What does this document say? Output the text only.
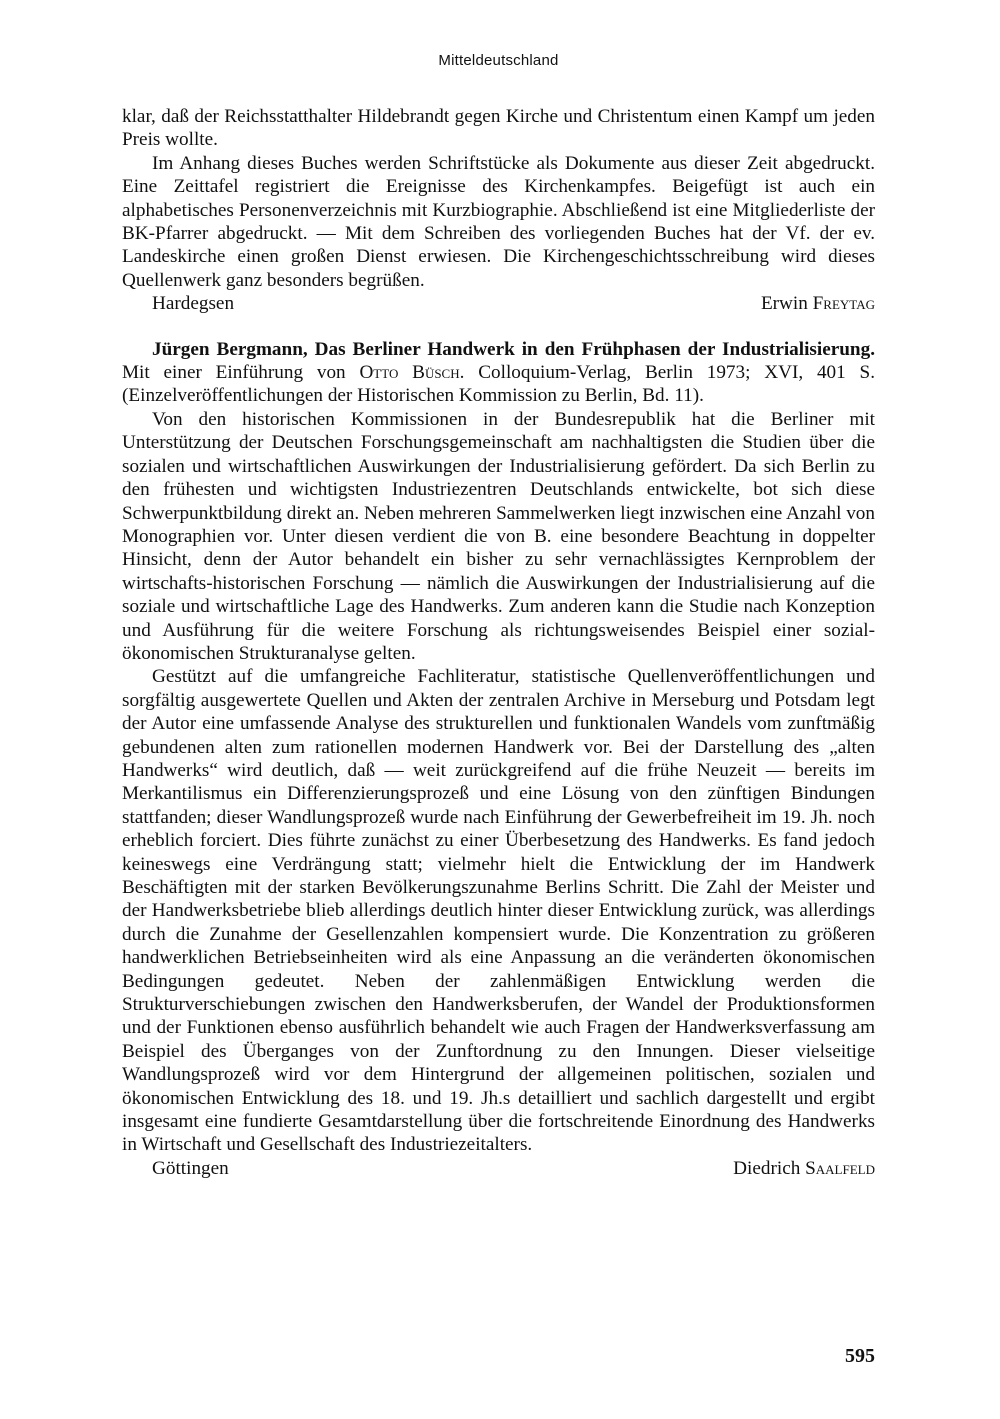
Mitteldeutschland

klar, daß der Reichsstatthalter Hildebrandt gegen Kirche und Christentum einen Kampf um jeden Preis wollte.

Im Anhang dieses Buches werden Schriftstücke als Dokumente aus dieser Zeit abgedruckt. Eine Zeittafel registriert die Ereignisse des Kirchenkampfes. Beigefügt ist auch ein alphabetisches Personenverzeichnis mit Kurzbiographie. Abschließend ist eine Mitgliederliste der BK-Pfarrer abgedruckt. — Mit dem Schreiben des vorliegenden Buches hat der Vf. der ev. Landeskirche einen großen Dienst erwiesen. Die Kirchengeschichtsschreibung wird dieses Quellenwerk ganz besonders begrüßen.

Hardegsen	Erwin Freytag

Jürgen Bergmann, Das Berliner Handwerk in den Frühphasen der Industrialisierung. Mit einer Einführung von Otto Büsch. Colloquium-Verlag, Berlin 1973; XVI, 401 S. (Einzelveröffentlichungen der Historischen Kommission zu Berlin, Bd. 11).

Von den historischen Kommissionen in der Bundesrepublik hat die Berliner mit Unterstützung der Deutschen Forschungsgemeinschaft am nachhaltigsten die Studien über die sozialen und wirtschaftlichen Auswirkungen der Industrialisierung gefördert. Da sich Berlin zu den frühesten und wichtigsten Industriezentren Deutschlands entwickelte, bot sich diese Schwerpunktbildung direkt an. Neben mehreren Sammelwerken liegt inzwischen eine Anzahl von Monographien vor. Unter diesen verdient die von B. eine besondere Beachtung in doppelter Hinsicht, denn der Autor behandelt ein bisher zu sehr vernachlässigtes Kernproblem der wirtschafts-historischen Forschung — nämlich die Auswirkungen der Industrialisierung auf die soziale und wirtschaftliche Lage des Handwerks. Zum anderen kann die Studie nach Konzeption und Ausführung für die weitere Forschung als richtungsweisendes Beispiel einer sozial-ökonomischen Strukturanalyse gelten.

Gestützt auf die umfangreiche Fachliteratur, statistische Quellenveröffentlichungen und sorgfältig ausgewertete Quellen und Akten der zentralen Archive in Merseburg und Potsdam legt der Autor eine umfassende Analyse des strukturellen und funktionalen Wandels vom zunftmäßig gebundenen alten zum rationellen modernen Handwerk vor. Bei der Darstellung des „alten Handwerks“ wird deutlich, daß — weit zurückgreifend auf die frühe Neuzeit — bereits im Merkantilismus ein Differenzierungsprozeß und eine Lösung von den zünftigen Bindungen stattfanden; dieser Wandlungsprozeß wurde nach Einführung der Gewerbefreiheit im 19. Jh. noch erheblich forciert. Dies führte zunächst zu einer Überbesetzung des Handwerks. Es fand jedoch keineswegs eine Verdrängung statt; vielmehr hielt die Entwicklung der im Handwerk Beschäftigten mit der starken Bevölkerungszunahme Berlins Schritt. Die Zahl der Meister und der Handwerksbetriebe blieb allerdings deutlich hinter dieser Entwicklung zurück, was allerdings durch die Zunahme der Gesellenzahlen kompensiert wurde. Die Konzentration zu größeren handwerklichen Betriebseinheiten wird als eine Anpassung an die veränderten ökonomischen Bedingungen gedeutet. Neben der zahlenmäßigen Entwicklung werden die Strukturverschiebungen zwischen den Handwerksberufen, der Wandel der Produktionsformen und der Funktionen ebenso ausführlich behandelt wie auch Fragen der Handwerksverfassung am Beispiel des Überganges von der Zunftordnung zu den Innungen. Dieser vielseitige Wandlungsprozeß wird vor dem Hintergrund der allgemeinen politischen, sozialen und ökonomischen Entwicklung des 18. und 19. Jh.s detailliert und sachlich dargestellt und ergibt insgesamt eine fundierte Gesamtdarstellung über die fortschreitende Einordnung des Handwerks in Wirtschaft und Gesellschaft des Industriezeitalters.

Göttingen	Diedrich Saalfeld
595
